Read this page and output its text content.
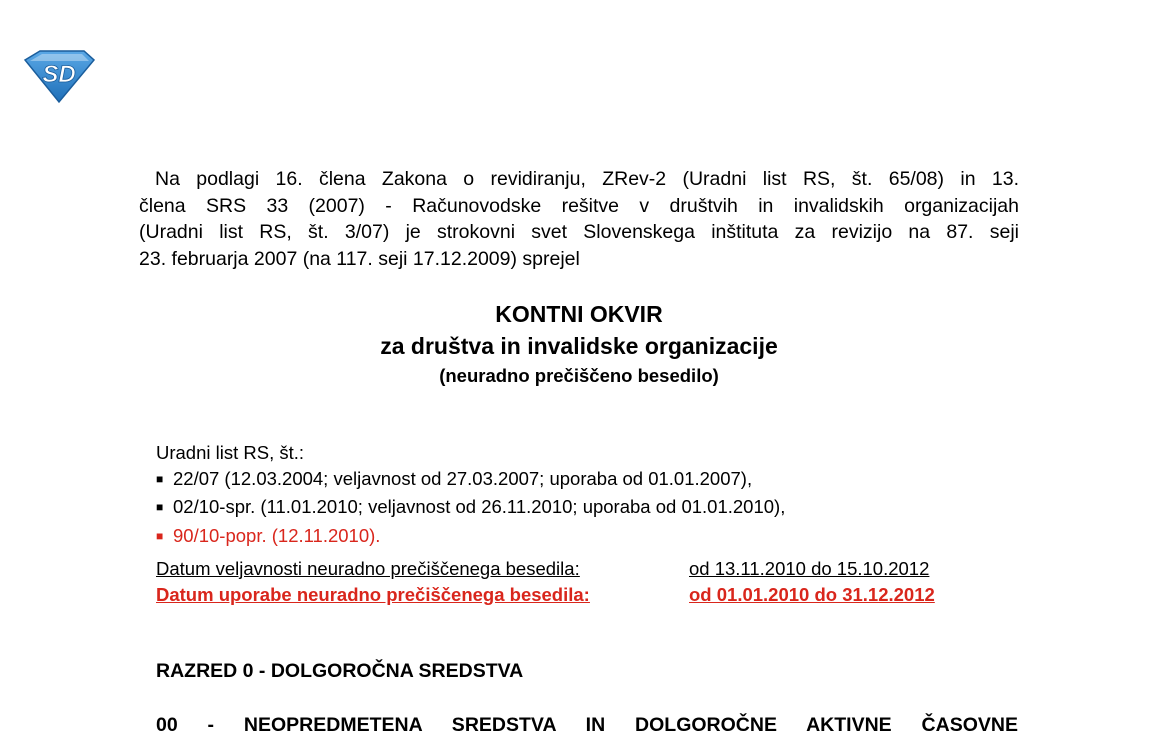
SD
Na podlagi 16. člena Zakona o revidiranju, ZRev-2 (Uradni list RS, št. 65/08) in 13.
člena SRS 33 (2007) - Računovodske rešitve v društvih in invalidskih organizacijah
(Uradni list RS, št. 3/07) je strokovni svet Slovenskega inštituta za revizijo na 87. seji
23. februarja 2007 (na 117. seji 17.12.2009) sprejel
KONTNI OKVIR
za društva in invalidske organizacije
(neuradno prečiščeno besedilo)
Uradni list RS, št.:
■ 22/07 (12.03.2004; veljavnost od 27.03.2007; uporaba od 01.01.2007),
■ 02/10-spr. (11.01.2010; veljavnost od 26.11.2010; uporaba od 01.01.2010),
■ 90/10-popr. (12.11.2010).
Datum veljavnosti neuradno prečiščenega besedila:	od 13.11.2010 do 15.10.2012
Datum uporabe neuradno prečiščenega besedila:	od 01.01.2010 do 31.12.2012
RAZRED 0 - DOLGOROČNA SREDSTVA
00 - NEOPREDMETENA SREDSTVA IN DOLGOROČNE AKTIVNE ČASOVNE
